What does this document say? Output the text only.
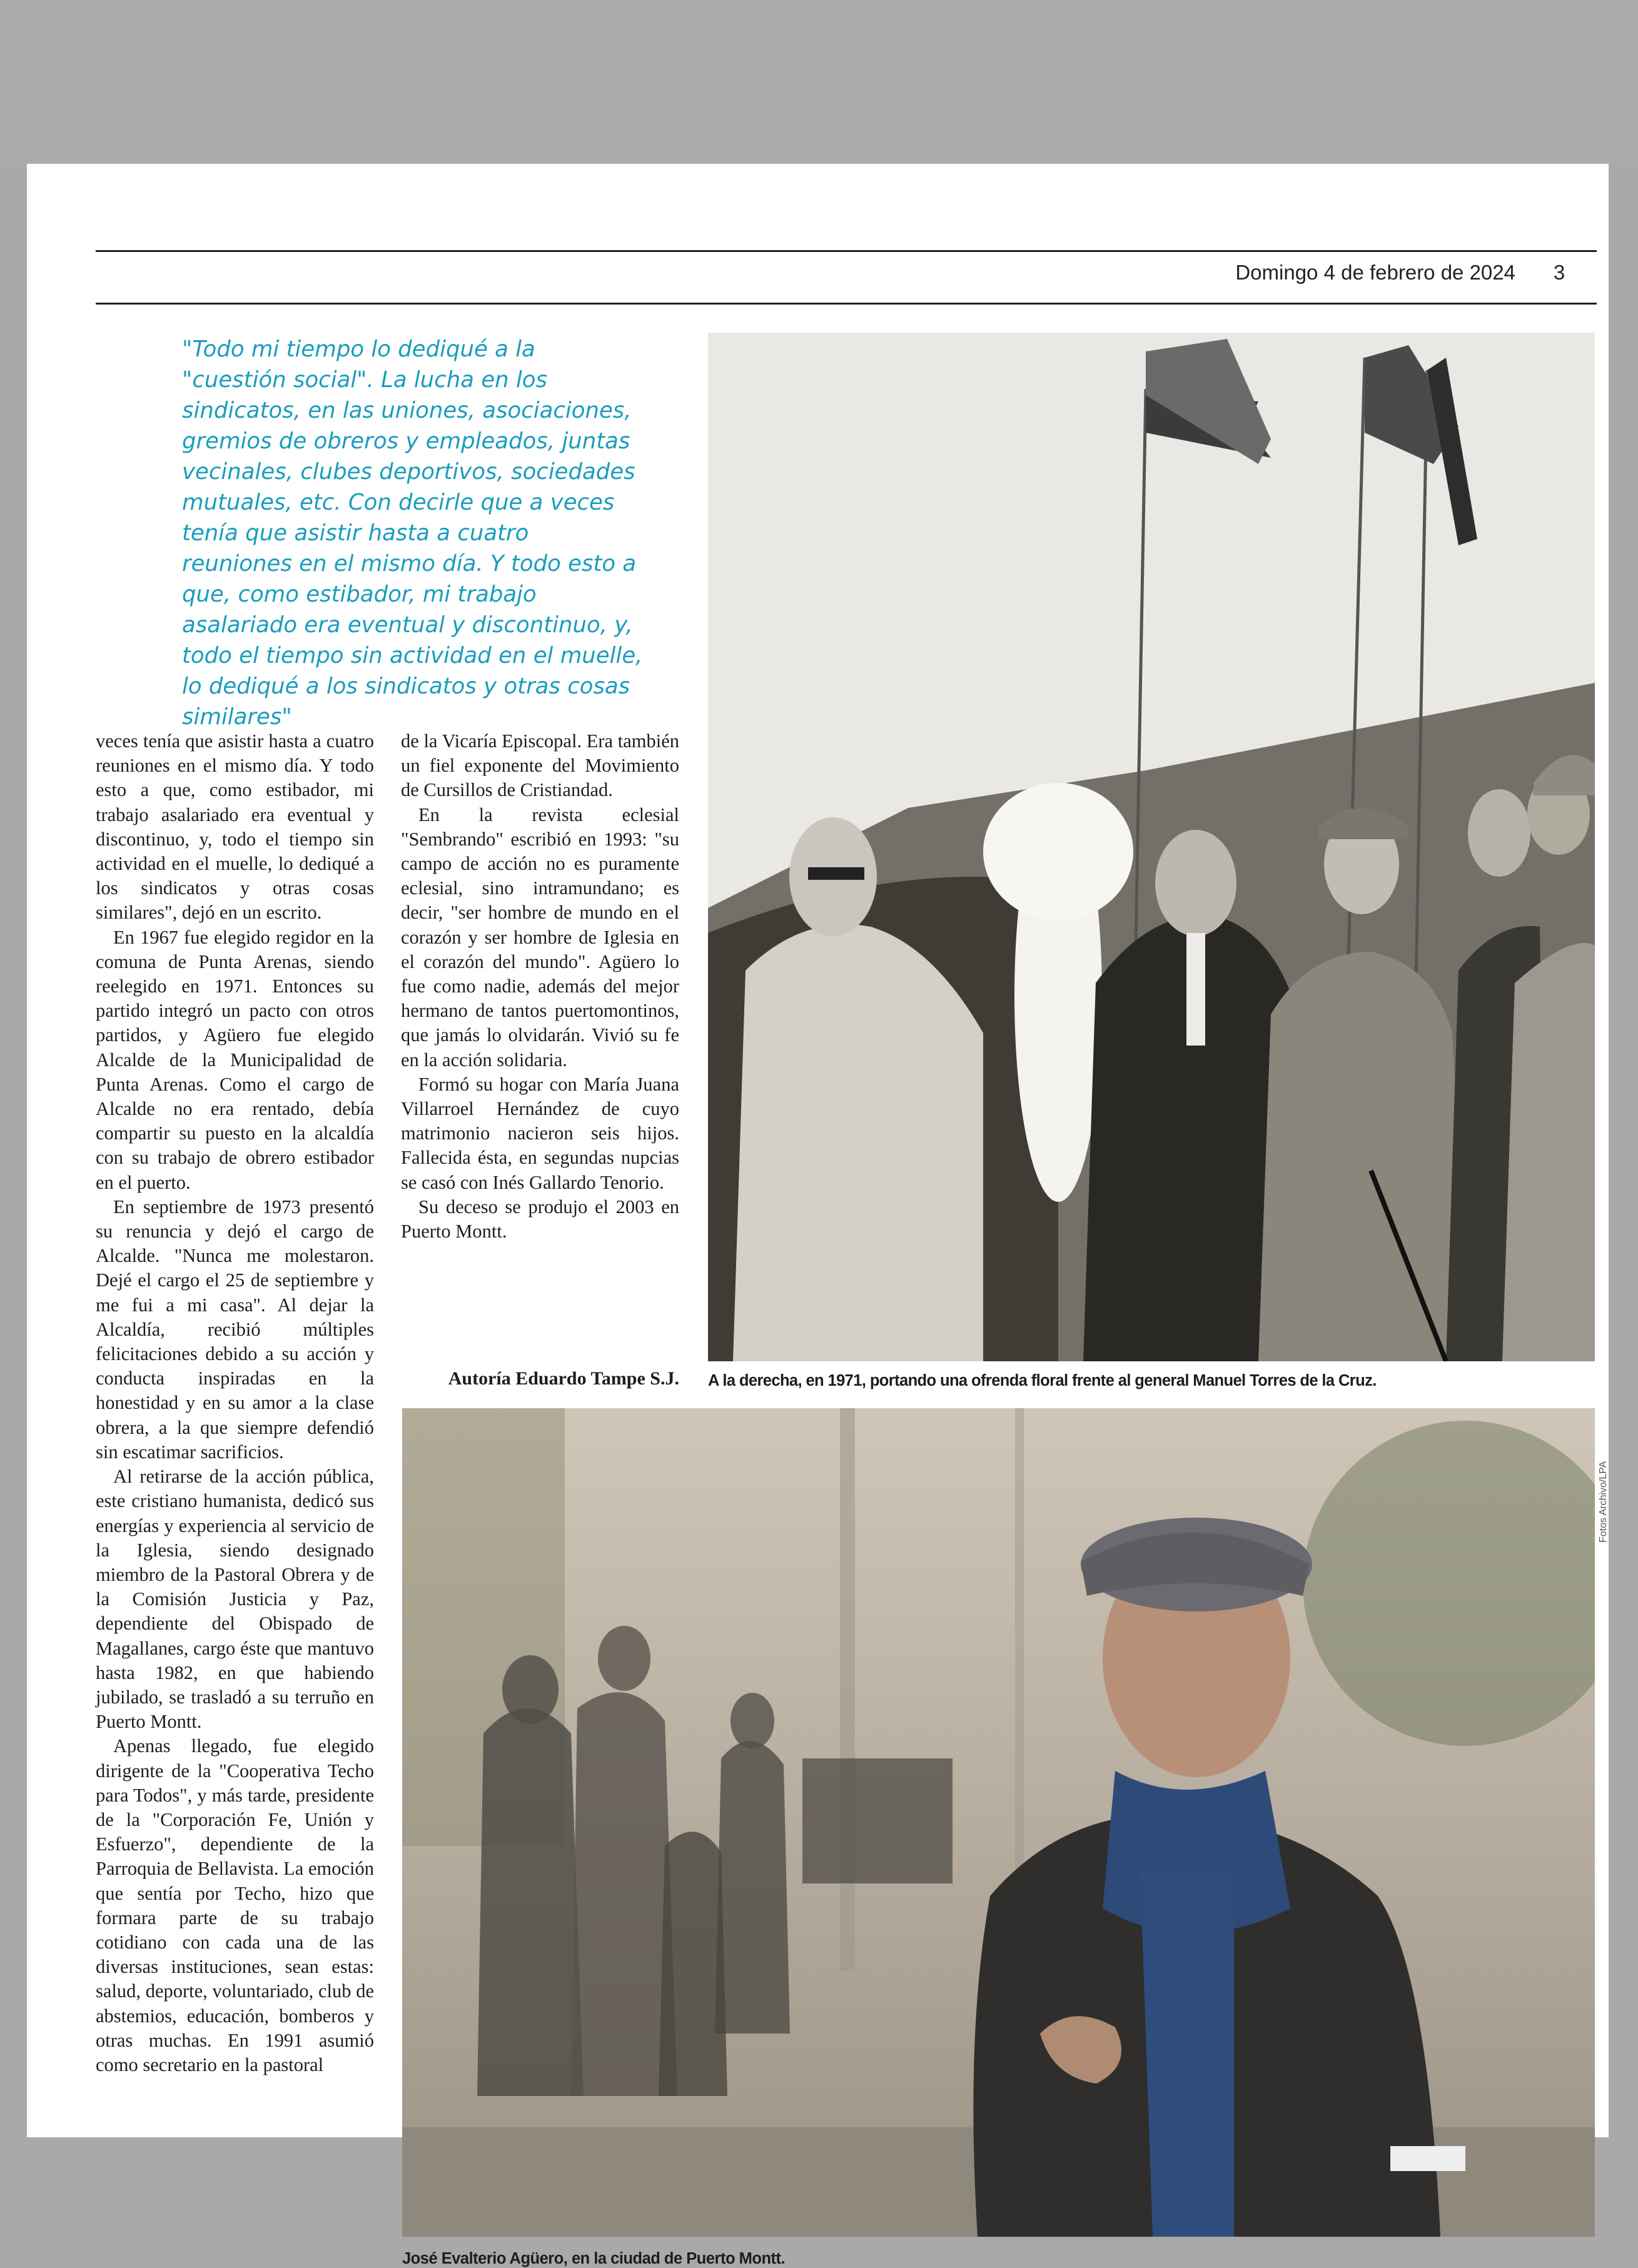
Domingo 4 de febrero de 2024	3

"Todo mi tiempo lo dediqué a la "cuestión social". La lucha en los sindicatos, en las uniones, asociaciones, gremios de obreros y empleados, juntas vecinales, clubes deportivos, sociedades mutuales, etc. Con decirle que a veces tenía que asistir hasta a cuatro reuniones en el mismo día. Y todo esto a que, como estibador, mi trabajo asalariado era eventual y discontinuo, y, todo el tiempo sin actividad en el muelle, lo dediqué a los sindicatos y otras cosas similares"

veces tenía que asistir hasta a cuatro reuniones en el mismo día. Y todo esto a que, como estibador, mi trabajo asalariado era eventual y discontinuo, y, todo el tiempo sin actividad en el muelle, lo dediqué a los sindicatos y otras cosas similares", dejó en un escrito.

En 1967 fue elegido regidor en la comuna de Punta Arenas, siendo reelegido en 1971. Entonces su partido integró un pacto con otros partidos, y Agüero fue elegido Alcalde de la Municipalidad de Punta Arenas. Como el cargo de Alcalde no era rentado, debía compartir su puesto en la alcaldía con su trabajo de obrero estibador en el puerto.

En septiembre de 1973 presentó su renuncia y dejó el cargo de Alcalde. "Nunca me molestaron. Dejé el cargo el 25 de septiembre y me fui a mi casa". Al dejar la Alcaldía, recibió múltiples felicitaciones debido a su acción y conducta inspiradas en la honestidad y en su amor a la clase obrera, a la que siempre defendió sin escatimar sacrificios.

Al retirarse de la acción pública, este cristiano humanista, dedicó sus energías y experiencia al servicio de la Iglesia, siendo designado miembro de la Pastoral Obrera y de la Comisión Justicia y Paz, dependiente del Obispado de Magallanes, cargo éste que mantuvo hasta 1982, en que habiendo jubilado, se trasladó a su terruño en Puerto Montt.

Apenas llegado, fue elegido dirigente de la "Cooperativa Techo para Todos", y más tarde, presidente de la "Corporación Fe, Unión y Esfuerzo", dependiente de la Parroquia de Bellavista. La emoción que sentía por Techo, hizo que formara parte de su trabajo cotidiano con cada una de las diversas instituciones, sean estas: salud, deporte, voluntariado, club de abstemios, educación, bomberos y otras muchas. En 1991 asumió como secretario en la pastoral

de la Vicaría Episcopal. Era también un fiel exponente del Movimiento de Cursillos de Cristiandad.

En la revista eclesial "Sembrando" escribió en 1993: "su campo de acción no es puramente eclesial, sino intramundano; es decir, "ser hombre de mundo en el corazón y ser hombre de Iglesia en el corazón del mundo". Agüero lo fue como nadie, además del mejor hermano de tantos puertomontinos, que jamás lo olvidarán. Vivió su fe en la acción solidaria.

Formó su hogar con María Juana Villarroel Hernández de cuyo matrimonio nacieron seis hijos. Fallecida ésta, en segundas nupcias se casó con Inés Gallardo Tenorio.

Su deceso se produjo el 2003 en Puerto Montt.

Autoría Eduardo Tampe S.J. A la derecha, en 1971, portando una ofrenda floral frente al general Manuel Torres de la Cruz.

Fotos Archivo/LPA

José Evalterio Agüero, en la ciudad de Puerto Montt.
